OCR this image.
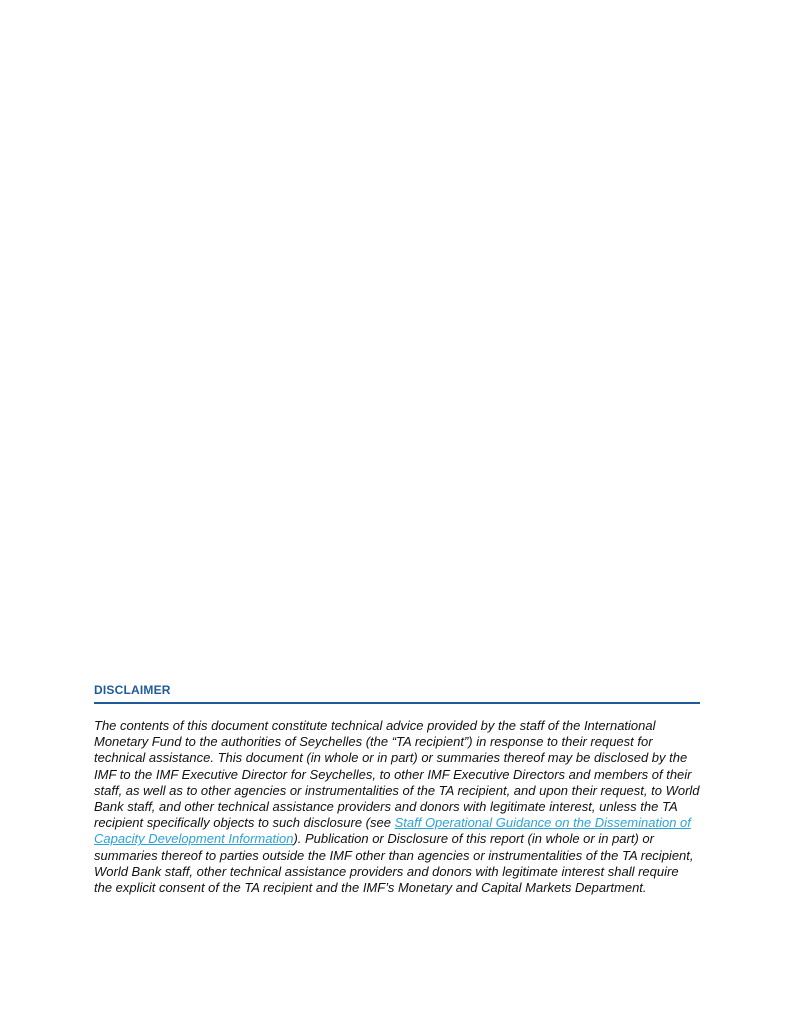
DISCLAIMER

The contents of this document constitute technical advice provided by the staff of the International Monetary Fund to the authorities of Seychelles (the “TA recipient”) in response to their request for technical assistance. This document (in whole or in part) or summaries thereof may be disclosed by the IMF to the IMF Executive Director for Seychelles, to other IMF Executive Directors and members of their staff, as well as to other agencies or instrumentalities of the TA recipient, and upon their request, to World Bank staff, and other technical assistance providers and donors with legitimate interest, unless the TA recipient specifically objects to such disclosure (see Staff Operational Guidance on the Dissemination of Capacity Development Information). Publication or Disclosure of this report (in whole or in part) or summaries thereof to parties outside the IMF other than agencies or instrumentalities of the TA recipient, World Bank staff, other technical assistance providers and donors with legitimate interest shall require the explicit consent of the TA recipient and the IMF’s Monetary and Capital Markets Department.
